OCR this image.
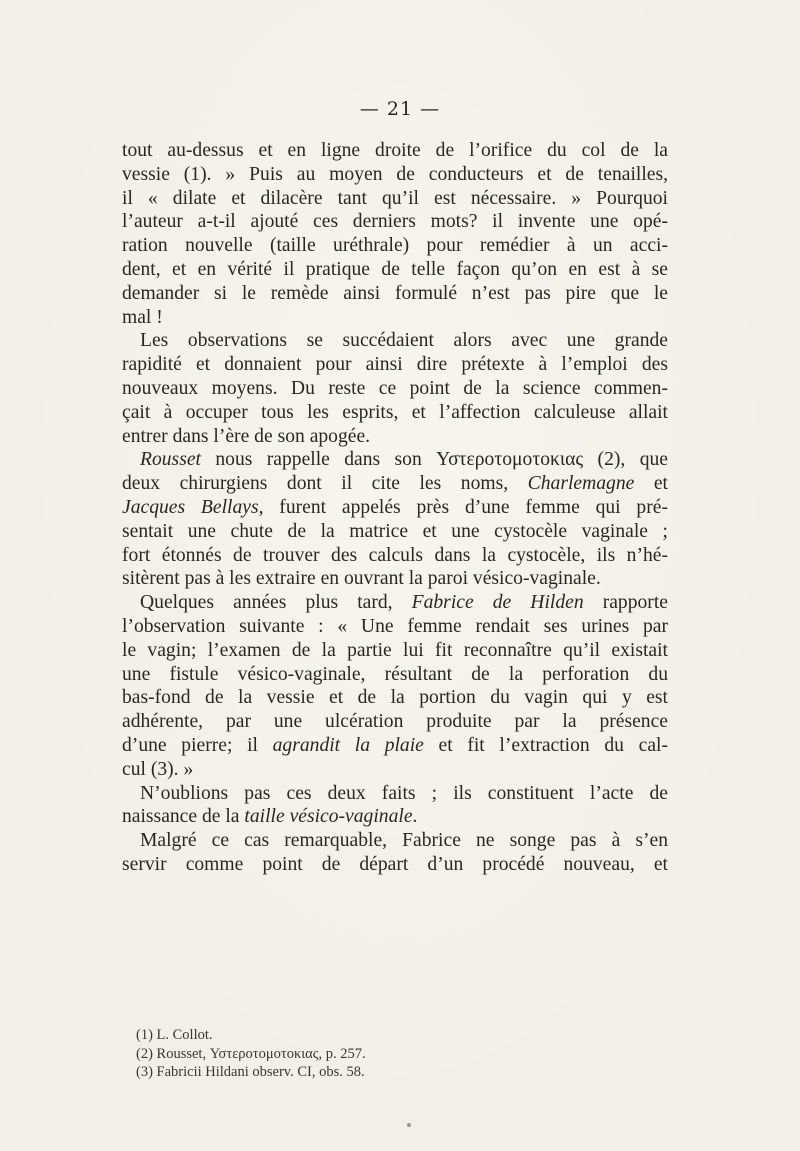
— 21 —
tout au-dessus et en ligne droite de l’orifice du col de la
vessie (1). » Puis au moyen de conducteurs et de tenailles,
il « dilate et dilacère tant qu’il est nécessaire. » Pourquoi
l’auteur a-t-il ajouté ces derniers mots? il invente une opé-
ration nouvelle (taille uréthrale) pour remédier à un acci-
dent, et en vérité il pratique de telle façon qu’on en est à se
demander si le remède ainsi formulé n’est pas pire que le
mal !
Les observations se succédaient alors avec une grande
rapidité et donnaient pour ainsi dire prétexte à l’emploi des
nouveaux moyens. Du reste ce point de la science commen-
çait à occuper tous les esprits, et l’affection calculeuse allait
entrer dans l’ère de son apogée.
Rousset nous rappelle dans son Υστεροτομοτοκιας (2), que
deux chirurgiens dont il cite les noms, Charlemagne et
Jacques Bellays, furent appelés près d’une femme qui pré-
sentait une chute de la matrice et une cystocèle vaginale ;
fort étonnés de trouver des calculs dans la cystocèle, ils n’hé-
sitèrent pas à les extraire en ouvrant la paroi vésico-vaginale.
Quelques années plus tard, Fabrice de Hilden rapporte
l’observation suivante : « Une femme rendait ses urines par
le vagin; l’examen de la partie lui fit reconnaître qu’il existait
une fistule vésico-vaginale, résultant de la perforation du
bas-fond de la vessie et de la portion du vagin qui y est
adhérente, par une ulcération produite par la présence
d’une pierre; il agrandit la plaie et fit l’extraction du cal-
cul (3). »
N’oublions pas ces deux faits ; ils constituent l’acte de
naissance de la taille vésico-vaginale.
Malgré ce cas remarquable, Fabrice ne songe pas à s’en
servir comme point de départ d’un procédé nouveau, et
(1) L. Collot.
(2) Rousset, Υστεροτομοτοκιας, p. 257.
(3) Fabricii Hildani observ. CI, obs. 58.
